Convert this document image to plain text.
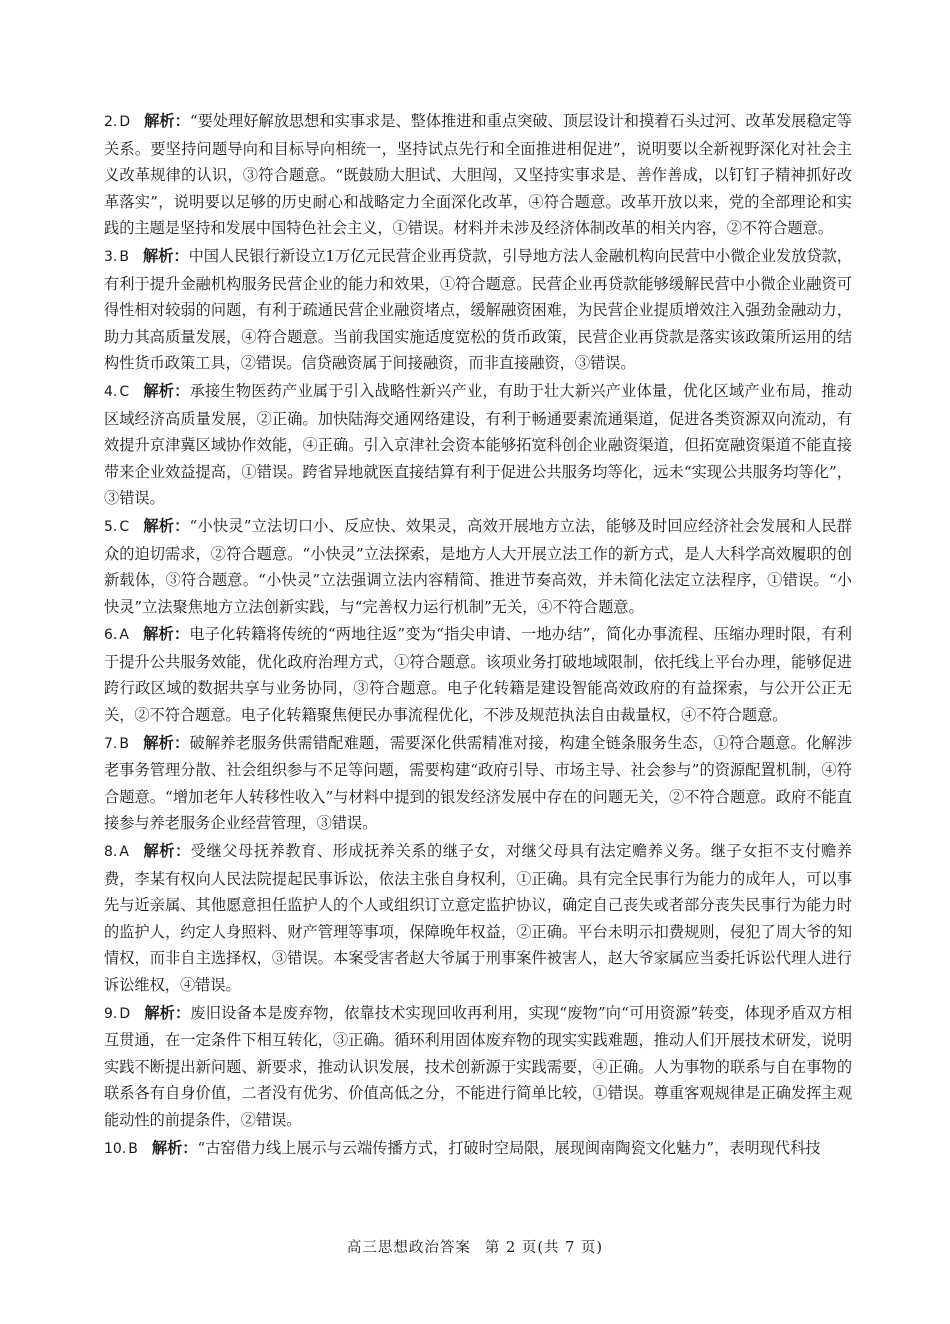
2. D 解析：“要处理好解放思想和实事求是、整体推进和重点突破、顶层设计和摸着石头过河、改革发展稳定等关系。要坚持问题导向和目标导向相统一，坚持试点先行和全面推进相促进”，说明要以全新视野深化对社会主义改革规律的认识，③符合题意。“既鼓励大胆试、大胆闯，又坚持实事求是、善作善成，以钉钉子精神抓好改革落实”，说明要以足够的历史耐心和战略定力全面深化改革，④符合题意。改革开放以来，党的全部理论和实践的主题是坚持和发展中国特色社会主义，①错误。材料并未涉及经济体制改革的相关内容，②不符合题意。

3. B 解析：中国人民银行新设立1万亿元民营企业再贷款，引导地方法人金融机构向民营中小微企业发放贷款，有利于提升金融机构服务民营企业的能力和效果，①符合题意。民营企业再贷款能够缓解民营中小微企业融资可得性相对较弱的问题，有利于疏通民营企业融资堵点，缓解融资困难，为民营企业提质增效注入强劲金融动力，助力其高质量发展，④符合题意。当前我国实施适度宽松的货币政策，民营企业再贷款是落实该政策所运用的结构性货币政策工具，②错误。信贷融资属于间接融资，而非直接融资，③错误。

4. C 解析：承接生物医药产业属于引入战略性新兴产业，有助于壮大新兴产业体量，优化区域产业布局，推动区域经济高质量发展，②正确。加快陆海交通网络建设，有利于畅通要素流通渠道，促进各类资源双向流动，有效提升京津冀区域协作效能，④正确。引入京津社会资本能够拓宽科创企业融资渠道，但拓宽融资渠道不能直接带来企业效益提高，①错误。跨省异地就医直接结算有利于促进公共服务均等化，远未“实现公共服务均等化”，③错误。

5. C 解析：“小快灵”立法切口小、反应快、效果灵，高效开展地方立法，能够及时回应经济社会发展和人民群众的迫切需求，②符合题意。“小快灵”立法探索，是地方人大开展立法工作的新方式，是人大科学高效履职的创新载体，③符合题意。“小快灵”立法强调立法内容精简、推进节奏高效，并未简化法定立法程序，①错误。“小快灵”立法聚焦地方立法创新实践，与“完善权力运行机制”无关，④不符合题意。

6. A 解析：电子化转籍将传统的“两地往返”变为“指尖申请、一地办结”，简化办事流程、压缩办理时限，有利于提升公共服务效能，优化政府治理方式，①符合题意。该项业务打破地域限制，依托线上平台办理，能够促进跨行政区域的数据共享与业务协同，③符合题意。电子化转籍是建设智能高效政府的有益探索，与公开公正无关，②不符合题意。电子化转籍聚焦便民办事流程优化，不涉及规范执法自由裁量权，④不符合题意。

7. B 解析：破解养老服务供需错配难题，需要深化供需精准对接，构建全链条服务生态，①符合题意。化解涉老事务管理分散、社会组织参与不足等问题，需要构建“政府引导、市场主导、社会参与”的资源配置机制，④符合题意。“增加老年人转移性收入”与材料中提到的银发经济发展中存在的问题无关，②不符合题意。政府不能直接参与养老服务企业经营管理，③错误。

8. A 解析：受继父母抚养教育、形成抚养关系的继子女，对继父母具有法定赡养义务。继子女拒不支付赡养费，李某有权向人民法院提起民事诉讼，依法主张自身权利，①正确。具有完全民事行为能力的成年人，可以事先与近亲属、其他愿意担任监护人的个人或组织订立意定监护协议，确定自己丧失或者部分丧失民事行为能力时的监护人，约定人身照料、财产管理等事项，保障晚年权益，②正确。平台未明示扣费规则，侵犯了周大爷的知情权，而非自主选择权，③错误。本案受害者赵大爷属于刑事案件被害人，赵大爷家属应当委托诉讼代理人进行诉讼维权，④错误。

9. D 解析：废旧设备本是废弃物，依靠技术实现回收再利用，实现“废物”向“可用资源”转变，体现矛盾双方相互贯通，在一定条件下相互转化，③正确。循环利用固体废弃物的现实实践难题，推动人们开展技术研发，说明实践不断提出新问题、新要求，推动认识发展，技术创新源于实践需要，④正确。人为事物的联系与自在事物的联系各有自身价值，二者没有优劣、价值高低之分，不能进行简单比较，①错误。尊重客观规律是正确发挥主观能动性的前提条件，②错误。

10. B 解析：“古窑借力线上展示与云端传播方式，打破时空局限，展现闽南陶瓷文化魅力”，表明现代科技

高三思想政治答案 第 2 页(共 7 页)
